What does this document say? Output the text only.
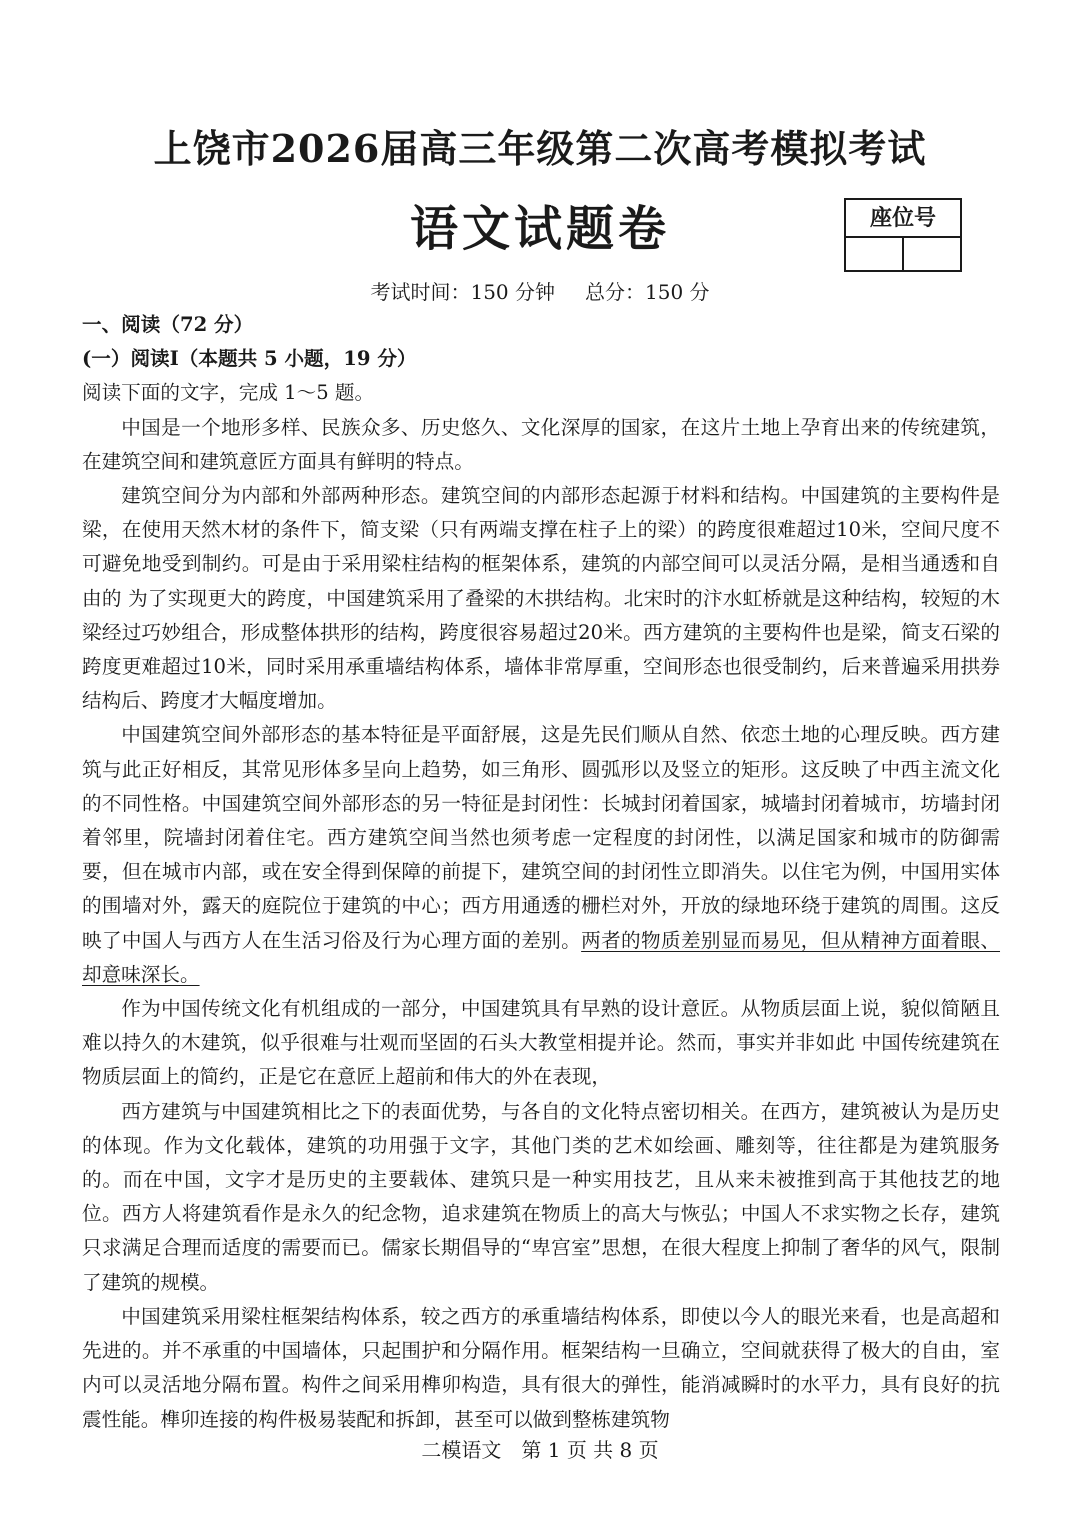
上饶市2026届高三年级第二次高考模拟考试
语文试题卷	座位号
考试时间：150 分钟 总分：150 分

一、阅读（72 分）

(一）阅读Ⅰ（本题共 5 小题，19 分）

阅读下面的文字，完成 1～5 题。

中国是一个地形多样、民族众多、历史悠久、文化深厚的国家，在这片土地上孕育出来的传统建筑，在建筑空间和建筑意匠方面具有鲜明的特点。

建筑空间分为内部和外部两种形态。建筑空间的内部形态起源于材料和结构。中国建筑的主要构件是梁，在使用天然木材的条件下，简支梁（只有两端支撑在柱子上的梁）的跨度很难超过10米，空间尺度不可避免地受到制约。可是由于采用梁柱结构的框架体系，建筑的内部空间可以灵活分隔，是相当通透和自由的 为了实现更大的跨度，中国建筑采用了叠梁的木拱结构。北宋时的汴水虹桥就是这种结构，较短的木梁经过巧妙组合，形成整体拱形的结构，跨度很容易超过20米。西方建筑的主要构件也是梁，简支石梁的跨度更难超过10米，同时采用承重墙结构体系，墙体非常厚重，空间形态也很受制约，后来普遍采用拱券结构后、跨度才大幅度增加。

中国建筑空间外部形态的基本特征是平面舒展，这是先民们顺从自然、依恋土地的心理反映。西方建筑与此正好相反，其常见形体多呈向上趋势，如三角形、圆弧形以及竖立的矩形。这反映了中西主流文化的不同性格。中国建筑空间外部形态的另一特征是封闭性：长城封闭着国家，城墙封闭着城市，坊墙封闭着邻里，院墙封闭着住宅。西方建筑空间当然也须考虑一定程度的封闭性，以满足国家和城市的防御需要，但在城市内部，或在安全得到保障的前提下，建筑空间的封闭性立即消失。以住宅为例，中国用实体的围墙对外，露天的庭院位于建筑的中心；西方用通透的栅栏对外，开放的绿地环绕于建筑的周围。这反映了中国人与西方人在生活习俗及行为心理方面的差别。两者的物质差别显而易见，但从精神方面着眼、却意味深长。

作为中国传统文化有机组成的一部分，中国建筑具有早熟的设计意匠。从物质层面上说，貌似简陋且难以持久的木建筑，似乎很难与壮观而坚固的石头大教堂相提并论。然而，事实并非如此 中国传统建筑在物质层面上的简约，正是它在意匠上超前和伟大的外在表现，

西方建筑与中国建筑相比之下的表面优势，与各自的文化特点密切相关。在西方，建筑被认为是历史的体现。作为文化载体，建筑的功用强于文字，其他门类的艺术如绘画、雕刻等，往往都是为建筑服务的。而在中国，文字才是历史的主要载体、建筑只是一种实用技艺，且从来未被推到高于其他技艺的地位。西方人将建筑看作是永久的纪念物，追求建筑在物质上的高大与恢弘；中国人不求实物之长存，建筑只求满足合理而适度的需要而已。儒家长期倡导的“卑宫室”思想，在很大程度上抑制了奢华的风气，限制了建筑的规模。

中国建筑采用梁柱框架结构体系，较之西方的承重墙结构体系，即使以今人的眼光来看，也是高超和先进的。并不承重的中国墙体，只起围护和分隔作用。框架结构一旦确立，空间就获得了极大的自由，室内可以灵活地分隔布置。构件之间采用榫卯构造，具有很大的弹性，能消减瞬时的水平力，具有良好的抗震性能。榫卯连接的构件极易装配和拆卸，甚至可以做到整栋建筑物

二模语文　第 1 页 共 8 页
